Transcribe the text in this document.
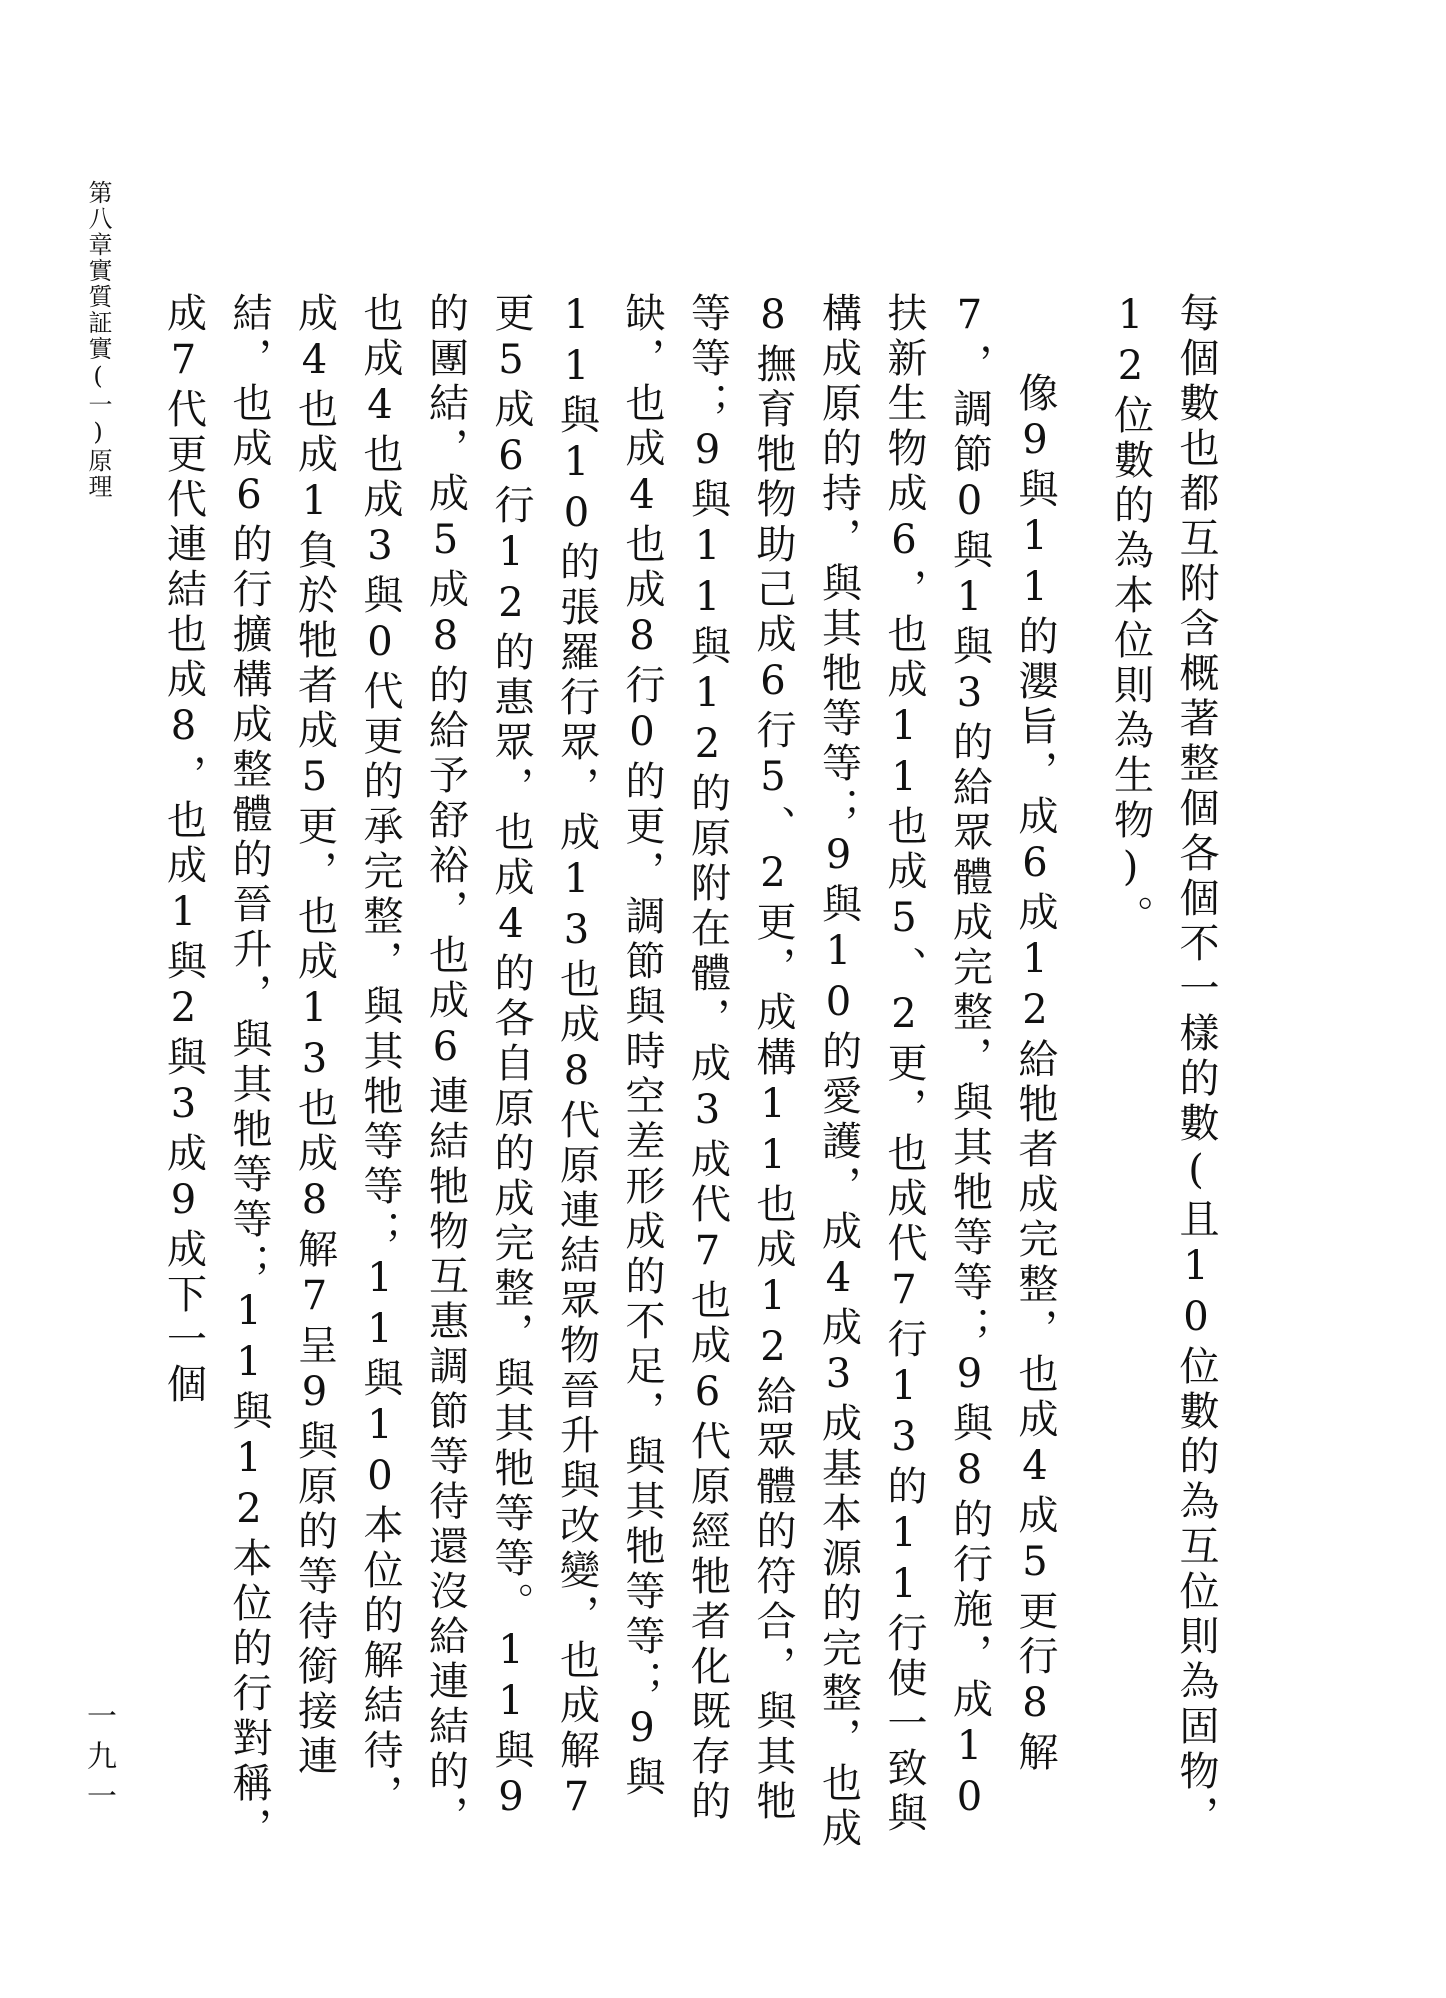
第八章實質証實(一)原理
一九一	每個數也都互附含概著整個各個不一樣的數(且10位數的為互位則為固物，12位數的為本位則為生物)。

像9與11的瀴旨，成6成12給牠者成完整，也成4成5更行8解7，調節0與1與3的給眾體成完整，與其牠等等；9與8的行施，成10扶新生物成6，也成11也成5、2更，也成代7行13的11行使一致與構成原的持，與其牠等等；9與10的愛護，成4成3成基本源的完整，也成8撫育牠物助己成6行5、2更，成構11也成12給眾體的符合，與其牠等等；9與11與12的原附在體，成3成代7也成6代原經牠者化既存的缺，也成4也成8行0的更，調節與時空差形成的不足，與其牠等等；9與11與10的張羅行眾，成13也成8代原連結眾物晉升與改變，也成解7更5成6行12的惠眾，也成4的各自原的成完整，與其牠等等。11與9的團結，成5成8的給予舒裕，也成6連結牠物互惠調節等待還沒給連結的，也成4也成3與0代更的承完整，與其牠等等；11與10本位的解結待，成4也成1負於牠者成5更，也成13也成8解7呈9與原的等待銜接連結，也成6的行擴構成整體的晉升，與其牠等等；11與12本位的行對稱，成7代更代連結也成8，也成1與2與3成9成下一個
